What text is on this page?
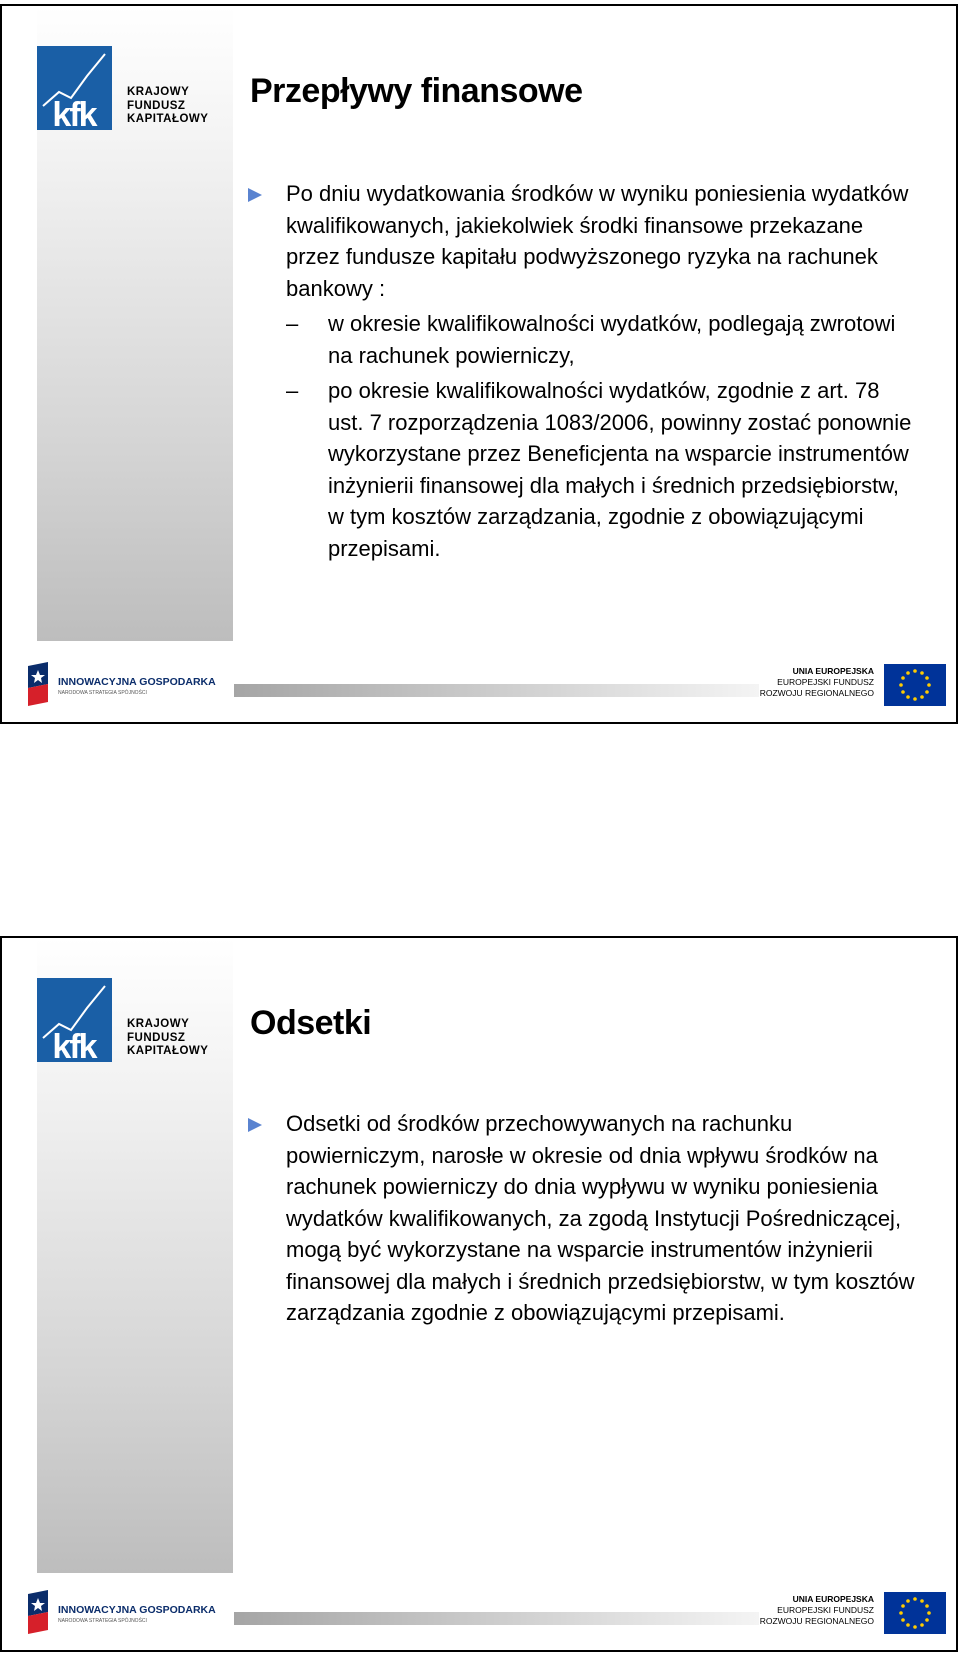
kfk
KRAJOWY
FUNDUSZ
KAPITAŁOWY
Przepływy finansowe
Po dniu wydatkowania środków w wyniku poniesienia wydatków kwalifikowanych, jakiekolwiek środki finansowe przekazane przez fundusze kapitału podwyższonego ryzyka na rachunek bankowy :
– w okresie kwalifikowalności wydatków, podlegają zwrotowi na rachunek powierniczy,
– po okresie kwalifikowalności wydatków, zgodnie z art. 78 ust. 7 rozporządzenia 1083/2006, powinny zostać ponownie wykorzystane przez Beneficjenta na wsparcie instrumentów inżynierii finansowej dla małych i średnich przedsiębiorstw, w tym kosztów zarządzania, zgodnie z obowiązującymi przepisami.
INNOWACYJNA GOSPODARKA
NARODOWA STRATEGIA SPÓJNOŚCI
UNIA EUROPEJSKA
EUROPEJSKI FUNDUSZ
ROZWOJU REGIONALNEGO
kfk
KRAJOWY
FUNDUSZ
KAPITAŁOWY
Odsetki
Odsetki od środków przechowywanych na rachunku powierniczym, narosłe w okresie od dnia wpływu środków na rachunek powierniczy do dnia wypływu w wyniku poniesienia wydatków kwalifikowanych, za zgodą Instytucji Pośredniczącej, mogą być wykorzystane na wsparcie instrumentów inżynierii finansowej dla małych i średnich przedsiębiorstw, w tym kosztów zarządzania zgodnie z obowiązującymi przepisami.
INNOWACYJNA GOSPODARKA
NARODOWA STRATEGIA SPÓJNOŚCI
UNIA EUROPEJSKA
EUROPEJSKI FUNDUSZ
ROZWOJU REGIONALNEGO
